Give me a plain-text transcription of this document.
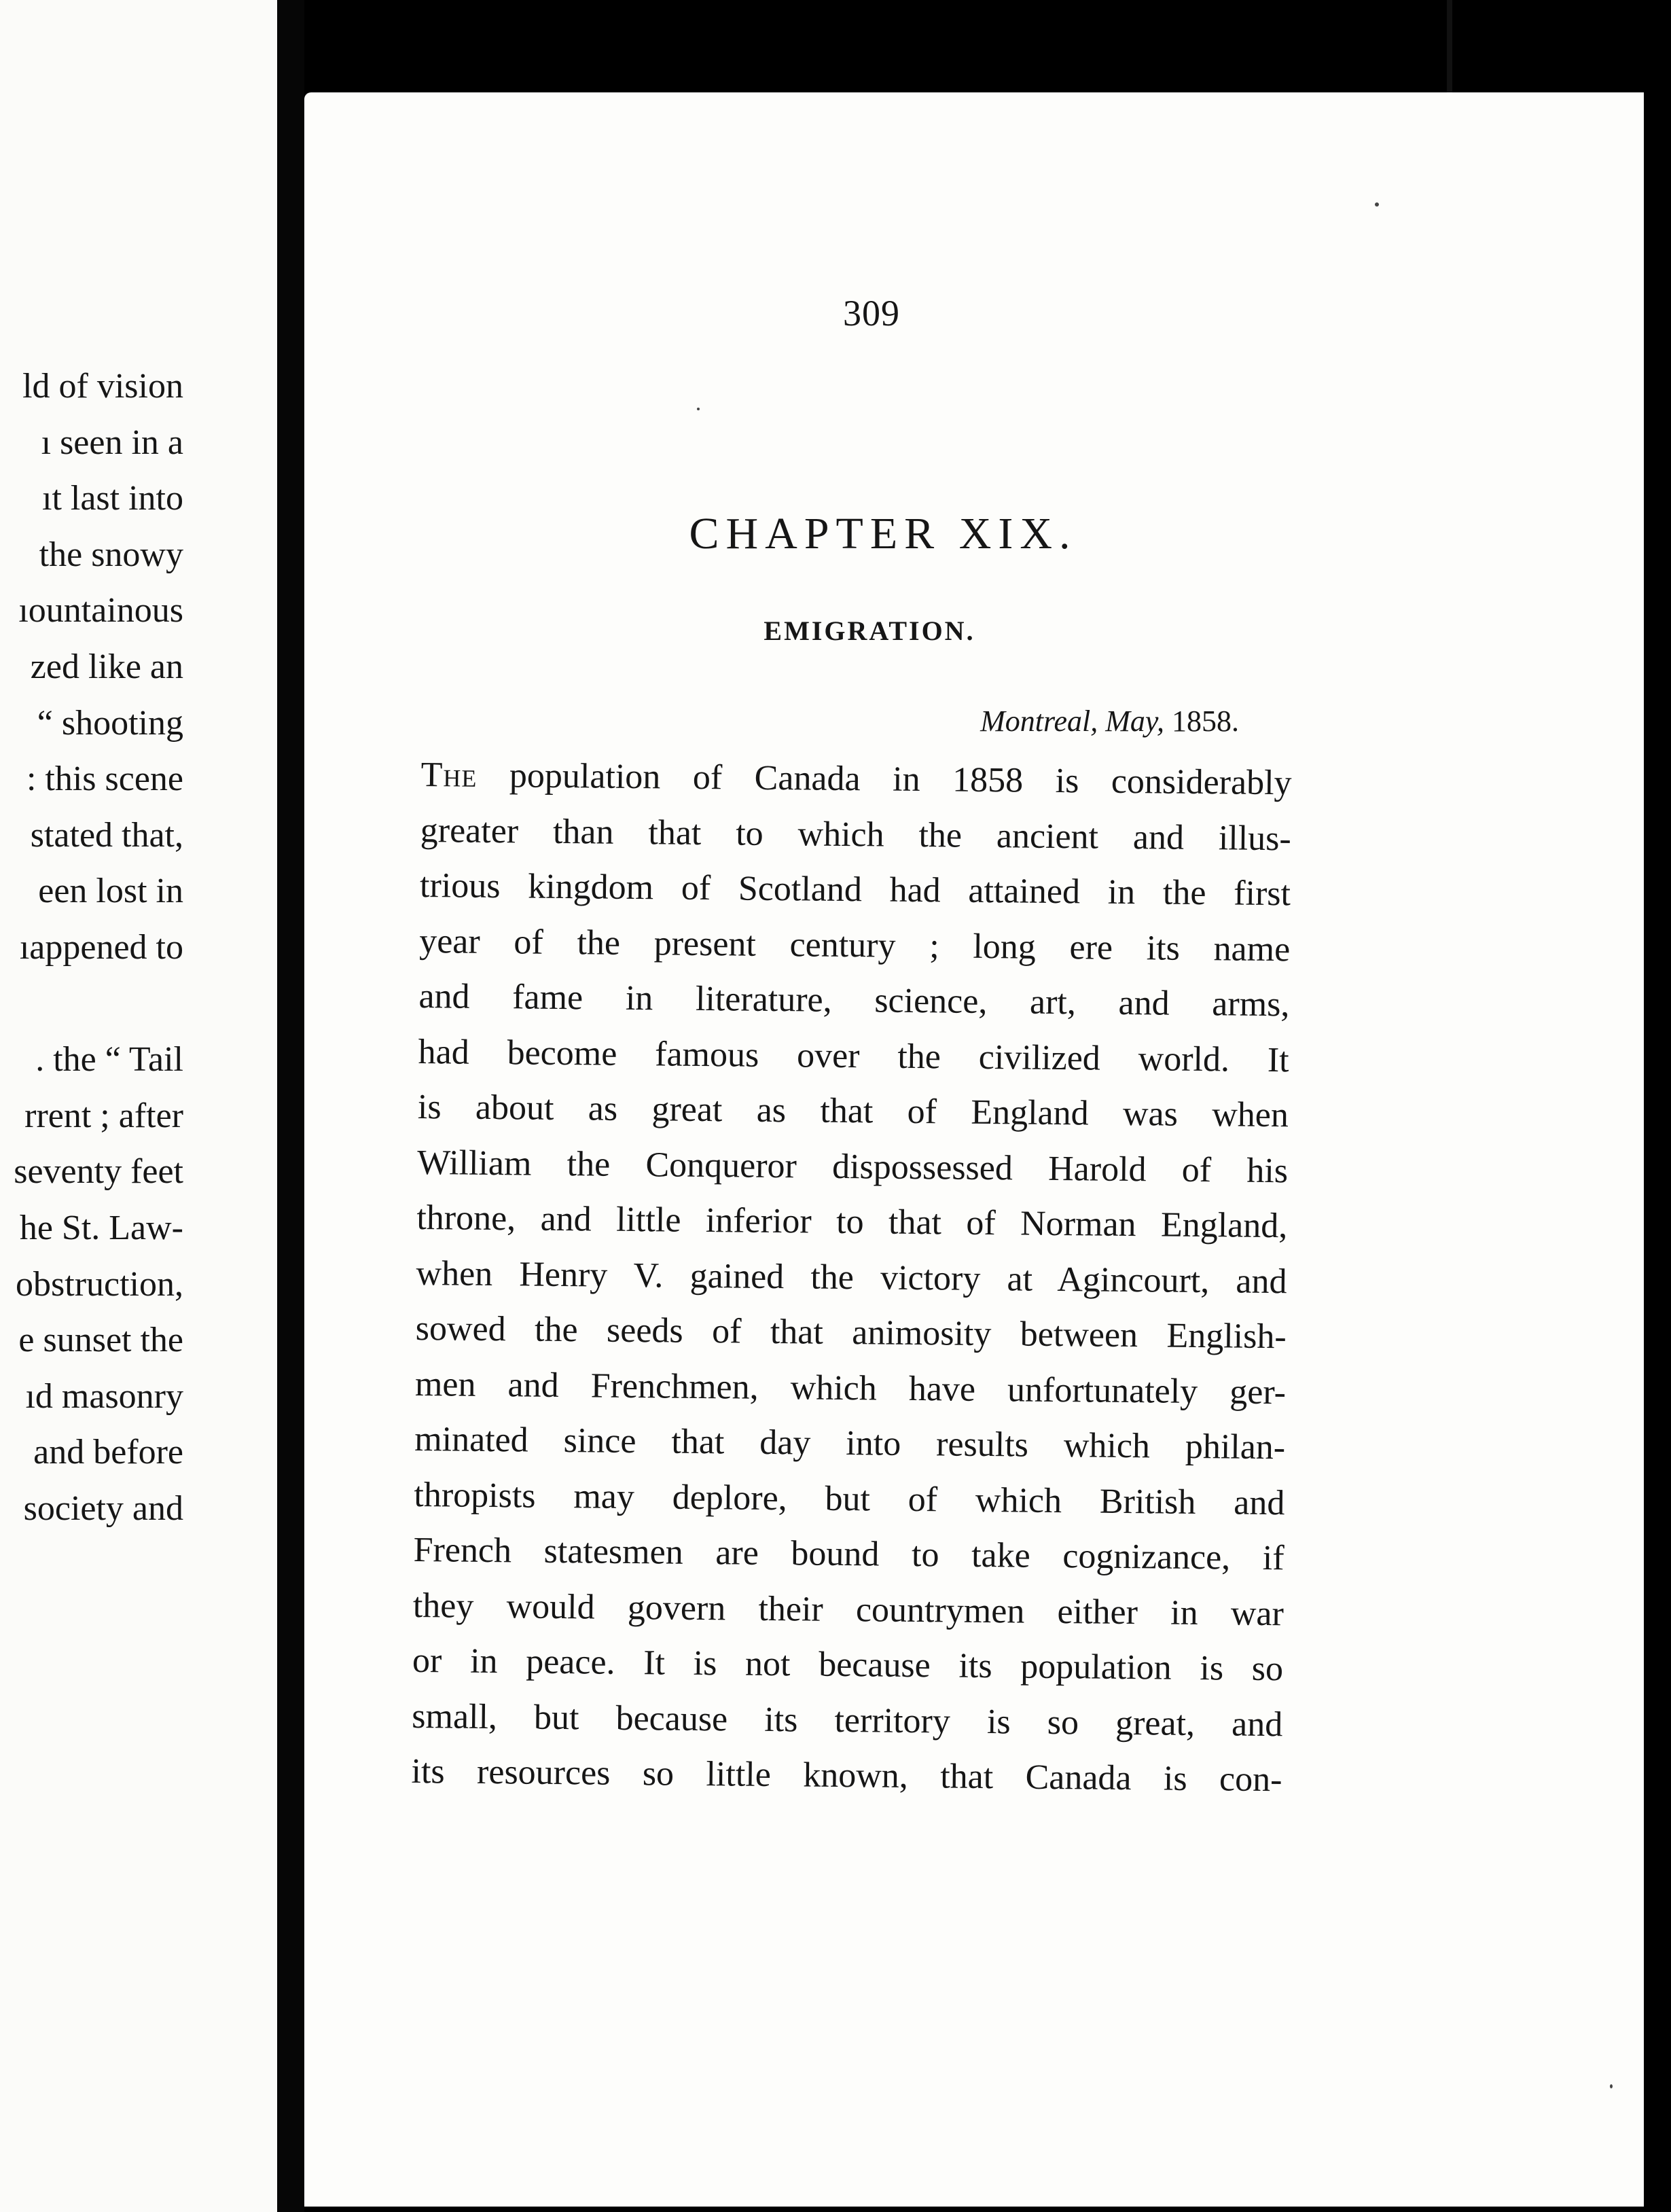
ld of vision
ı seen in a
ıt last into
the snowy
ıountainous
zed like an
“ shooting
: this scene
stated that,
een lost in
ıappened to
. the “ Tail
rrent ; after
seventy feet
he St. Law-
obstruction,
e sunset the
ıd masonry
and before
society and
309
CHAPTER XIX.
EMIGRATION.
Montreal, May, 1858.
The population of Canada in 1858 is considerably
greater than that to which the ancient and illus-
trious kingdom of Scotland had attained in the first
year of the present century ; long ere its name
and fame in literature, science, art, and arms,
had become famous over the civilized world. It
is about as great as that of England was when
William the Conqueror dispossessed Harold of his
throne, and little inferior to that of Norman England,
when Henry V. gained the victory at Agincourt, and
sowed the seeds of that animosity between English-
men and Frenchmen, which have unfortunately ger-
minated since that day into results which philan-
thropists may deplore, but of which British and
French statesmen are bound to take cognizance, if
they would govern their countrymen either in war
or in peace. It is not because its population is so
small, but because its territory is so great, and
its resources so little known, that Canada is con-
